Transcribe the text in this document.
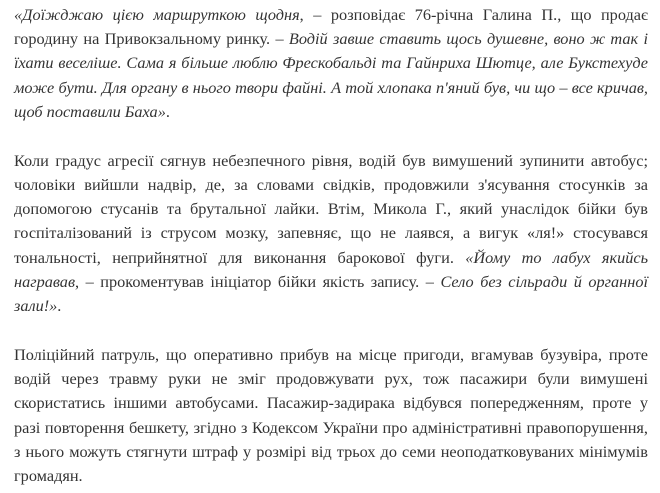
«Доїжджаю цією маршруткою щодня, – розповідає 76-річна Галина П., що продає городину на Привокзальному ринку. – Водій завше ставить щось душевне, воно ж так і їхати веселіше. Сама я більше люблю Фрескобальді та Гайнриха Шютце, але Букстехуде може бути. Для органу в нього твори файні. А той хлопака п'яний був, чи що – все кричав, щоб поставили Баха».

Коли градус агресії сягнув небезпечного рівня, водій був вимушений зупинити автобус; чоловіки вийшли надвір, де, за словами свідків, продовжили з'ясування стосунків за допомогою стусанів та брутальної лайки. Втім, Микола Г., який унаслідок бійки був госпіталізований із струсом мозку, запевняє, що не лаявся, а вигук «ля!» стосувався тональності, неприйнятної для виконання барокової фуги. «Йому то лабух якийсь награвав, – прокоментував ініціатор бійки якість запису. – Село без сільради й органної зали!».

Поліційний патруль, що оперативно прибув на місце пригоди, вгамував бузувіра, проте водій через травму руки не зміг продовжувати рух, тож пасажири були вимушені скористатись іншими автобусами. Пасажир-задирака відбувся попередженням, проте у разі повторення бешкету, згідно з Кодексом України про адміністративні правопорушення, з нього можуть стягнути штраф у розмірі від трьох до семи неоподатковуваних мінімумів громадян.
